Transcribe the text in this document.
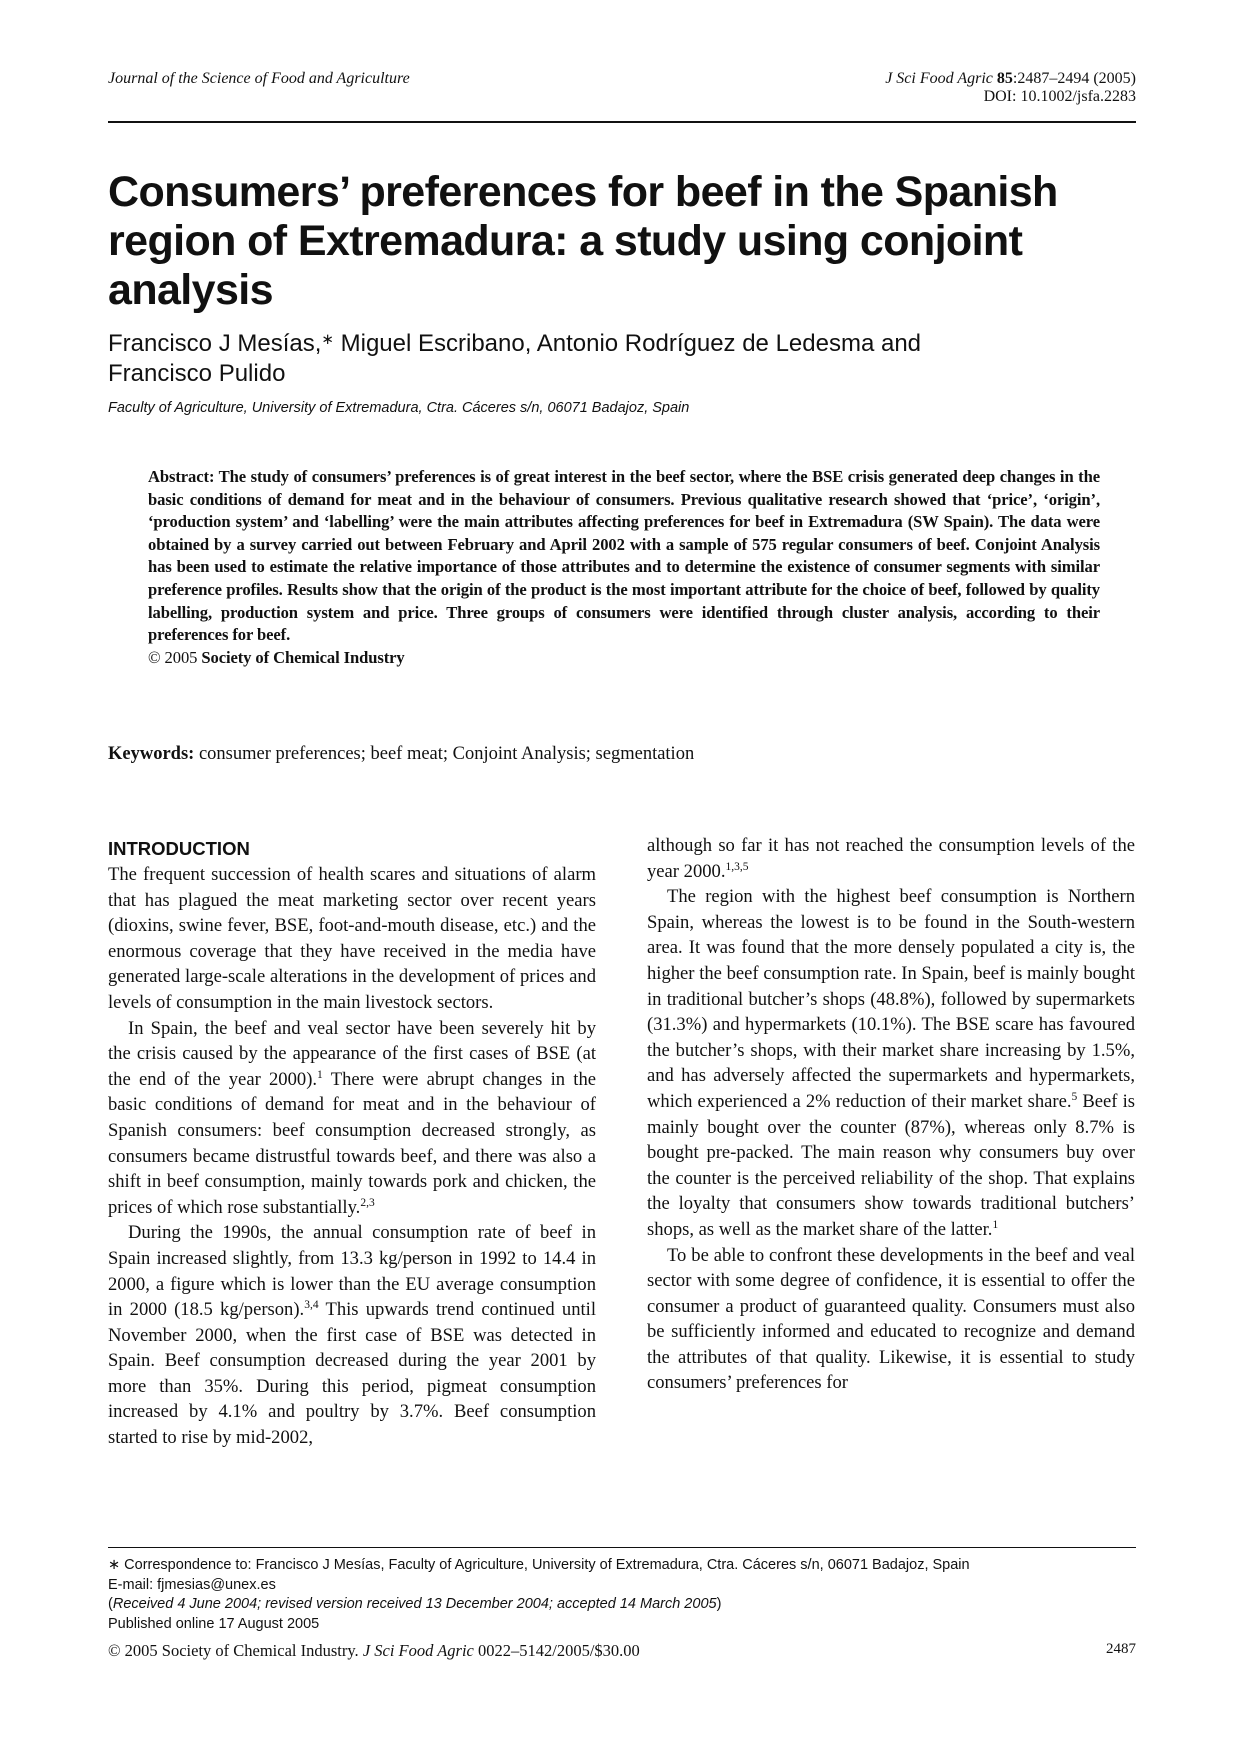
Journal of the Science of Food and Agriculture	J Sci Food Agric 85:2487–2494 (2005)
DOI: 10.1002/jsfa.2283
Consumers’ preferences for beef in the Spanish region of Extremadura: a study using conjoint analysis
Francisco J Mesías,∗ Miguel Escribano, Antonio Rodríguez de Ledesma and
Francisco Pulido
Faculty of Agriculture, University of Extremadura, Ctra. Cáceres s/n, 06071 Badajoz, Spain
Abstract: The study of consumers’ preferences is of great interest in the beef sector, where the BSE crisis generated deep changes in the basic conditions of demand for meat and in the behaviour of consumers. Previous qualitative research showed that ‘price’, ‘origin’, ‘production system’ and ‘labelling’ were the main attributes affecting preferences for beef in Extremadura (SW Spain). The data were obtained by a survey carried out between February and April 2002 with a sample of 575 regular consumers of beef. Conjoint Analysis has been used to estimate the relative importance of those attributes and to determine the existence of consumer segments with similar preference profiles. Results show that the origin of the product is the most important attribute for the choice of beef, followed by quality labelling, production system and price. Three groups of consumers were identified through cluster analysis, according to their preferences for beef.
© 2005 Society of Chemical Industry
Keywords: consumer preferences; beef meat; Conjoint Analysis; segmentation
INTRODUCTION

The frequent succession of health scares and situations of alarm that has plagued the meat marketing sector over recent years (dioxins, swine fever, BSE, foot-and-mouth disease, etc.) and the enormous coverage that they have received in the media have generated large-scale alterations in the development of prices and levels of consumption in the main livestock sectors.

In Spain, the beef and veal sector have been severely hit by the crisis caused by the appearance of the first cases of BSE (at the end of the year 2000).$^1$ There were abrupt changes in the basic conditions of demand for meat and in the behaviour of Spanish consumers: beef consumption decreased strongly, as consumers became distrustful towards beef, and there was also a shift in beef consumption, mainly towards pork and chicken, the prices of which rose substantially.$^{2,3}$

During the 1990s, the annual consumption rate of beef in Spain increased slightly, from 13.3 kg/person in 1992 to 14.4 in 2000, a figure which is lower than the EU average consumption in 2000 (18.5 kg/person).$^{3,4}$ This upwards trend continued until November 2000, when the first case of BSE was detected in Spain. Beef consumption decreased during the year 2001 by more than 35%. During this period, pigmeat consumption increased by 4.1% and poultry by 3.7%. Beef consumption started to rise by mid-2002,

although so far it has not reached the consumption levels of the year 2000.$^{1,3,5}$

The region with the highest beef consumption is Northern Spain, whereas the lowest is to be found in the South-western area. It was found that the more densely populated a city is, the higher the beef consumption rate. In Spain, beef is mainly bought in traditional butcher’s shops (48.8%), followed by supermarkets (31.3%) and hypermarkets (10.1%). The BSE scare has favoured the butcher’s shops, with their market share increasing by 1.5%, and has adversely affected the supermarkets and hypermarkets, which experienced a 2% reduction of their market share.$^5$ Beef is mainly bought over the counter (87%), whereas only 8.7% is bought pre-packed. The main reason why consumers buy over the counter is the perceived reliability of the shop. That explains the loyalty that consumers show towards traditional butchers’ shops, as well as the market share of the latter.$^1$

To be able to confront these developments in the beef and veal sector with some degree of confidence, it is essential to offer the consumer a product of guaranteed quality. Consumers must also be sufficiently informed and educated to recognize and demand the attributes of that quality. Likewise, it is essential to study consumers’ preferences for

∗ Correspondence to: Francisco J Mesías, Faculty of Agriculture, University of Extremadura, Ctra. Cáceres s/n, 06071 Badajoz, Spain
E-mail: fjmesias@unex.es
(Received 4 June 2004; revised version received 13 December 2004; accepted 14 March 2005)
Published online 17 August 2005
© 2005 Society of Chemical Industry. J Sci Food Agric 0022–5142/2005/$30.00	2487
